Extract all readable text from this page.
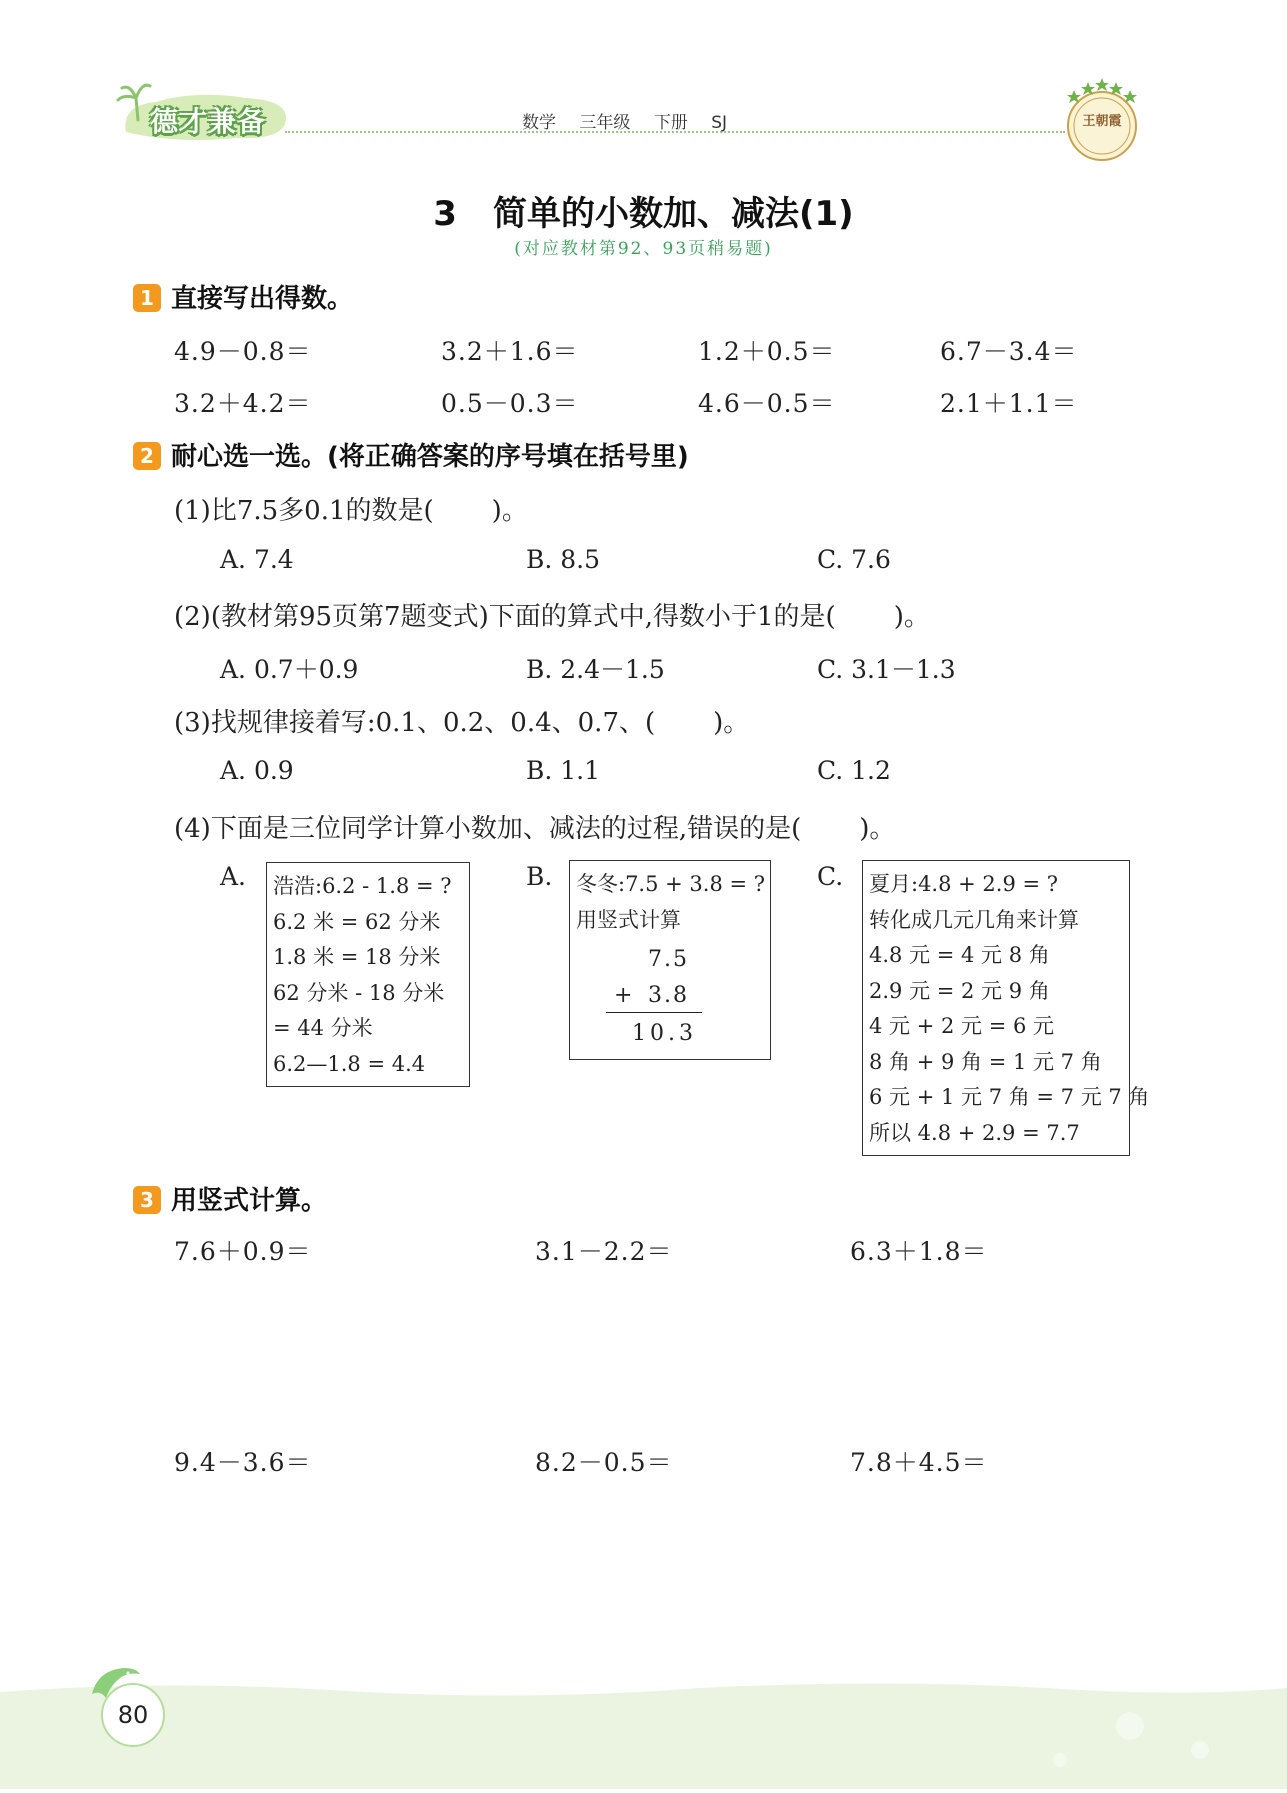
德才兼备	数学 三年级 下册 SJ	王朝霞
3 简单的小数加、减法(1)
(对应教材第92、93页稍易题)
1 直接写出得数。
4.9－0.8＝	3.2＋1.6＝	1.2＋0.5＝	6.7－3.4＝
3.2＋4.2＝	0.5－0.3＝	4.6－0.5＝	2.1＋1.1＝
2 耐心选一选。(将正确答案的序号填在括号里)
(1)比7.5多0.1的数是( )。
A. 7.4	B. 8.5	C. 7.6
(2)(教材第95页第7题变式)下面的算式中,得数小于1的是( )。
A. 0.7＋0.9	B. 2.4－1.5	C. 3.1－1.3
(3)找规律接着写:0.1、0.2、0.4、0.7、( )。
A. 0.9	B. 1.1	C. 1.2
(4)下面是三位同学计算小数加、减法的过程,错误的是( )。
A.	B.	C.
浩浩:6.2 - 1.8 = ?
6.2 米 = 62 分米
1.8 米 = 18 分米
62 分米 - 18 分米
= 44 分米
6.2—1.8 = 4.4
冬冬:7.5 + 3.8 = ?
用竖式计算
7.5
+ 3.8
10.3
夏月:4.8 + 2.9 = ?
转化成几元几角来计算
4.8 元 = 4 元 8 角
2.9 元 = 2 元 9 角
4 元 + 2 元 = 6 元
8 角 + 9 角 = 1 元 7 角
6 元 + 1 元 7 角 = 7 元 7 角
所以 4.8 + 2.9 = 7.7
3 用竖式计算。
7.6＋0.9＝	3.1－2.2＝	6.3＋1.8＝
9.4－3.6＝	8.2－0.5＝	7.8＋4.5＝
80
